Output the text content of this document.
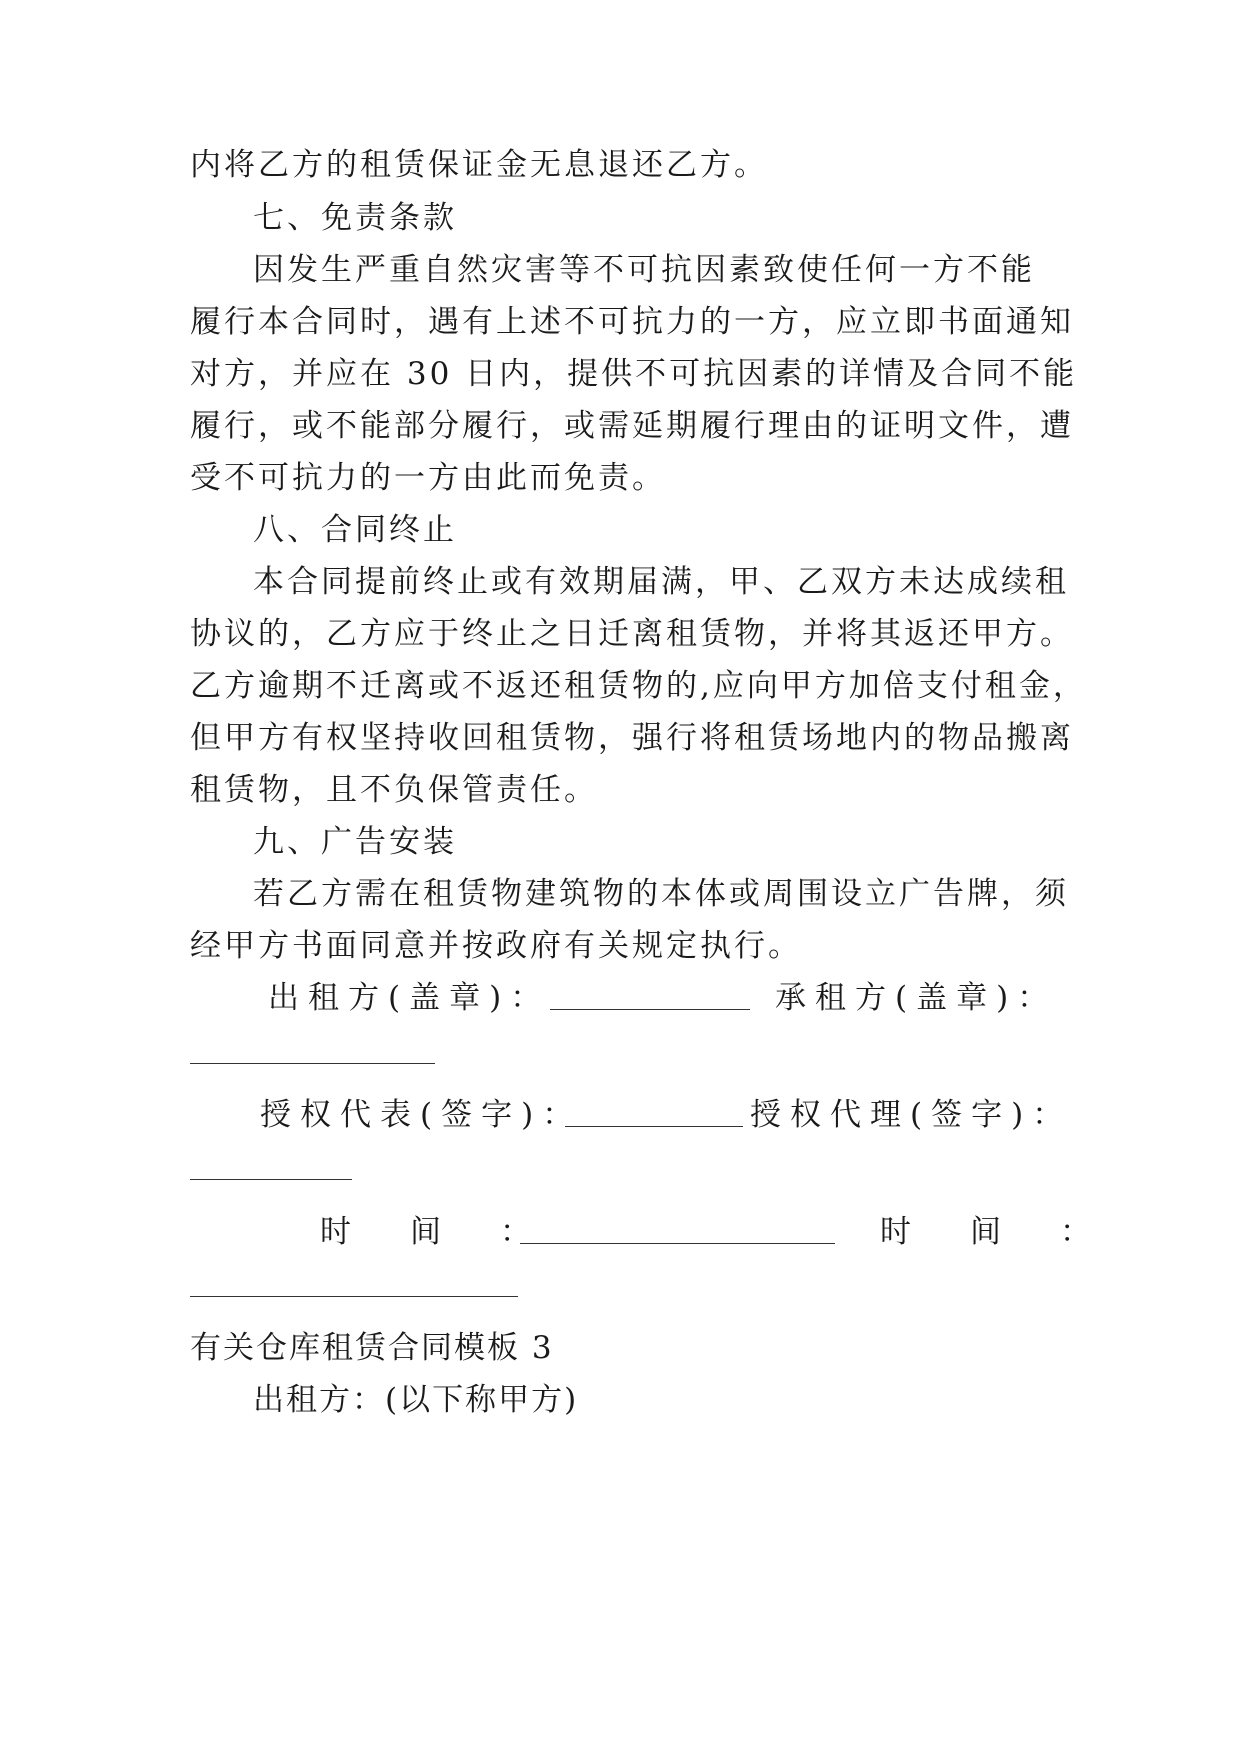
内将乙方的租赁保证金无息退还乙方。
七、免责条款
因发生严重自然灾害等不可抗因素致使任何一方不能
履行本合同时，遇有上述不可抗力的一方，应立即书面通知
对方，并应在 30 日内，提供不可抗因素的详情及合同不能
履行，或不能部分履行，或需延期履行理由的证明文件，遭
受不可抗力的一方由此而免责。
八、合同终止
本合同提前终止或有效期届满，甲、乙双方未达成续租
协议的，乙方应于终止之日迁离租赁物，并将其返还甲方。
乙方逾期不迁离或不返还租赁物的,应向甲方加倍支付租金，
但甲方有权坚持收回租赁物，强行将租赁场地内的物品搬离
租赁物，且不负保管责任。
九、广告安装
若乙方需在租赁物建筑物的本体或周围设立广告牌，须
经甲方书面同意并按政府有关规定执行。
出租方(盖章)：	承租方(盖章)：
授权代表(签字)：	授权代理(签字)：
时　间　：	时　间　：
有关仓库租赁合同模板 3
出租方：(以下称甲方)
